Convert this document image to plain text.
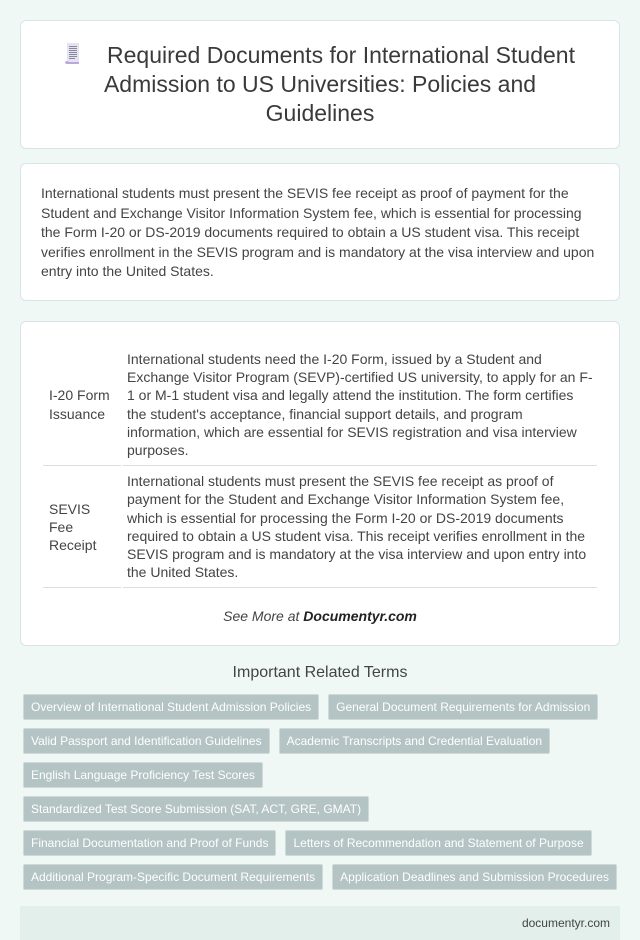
Required Documents for International Student Admission to US Universities: Policies and Guidelines

International students must present the SEVIS fee receipt as proof of payment for the Student and Exchange Visitor Information System fee, which is essential for processing the Form I-20 or DS-2019 documents required to obtain a US student visa. This receipt verifies enrollment in the SEVIS program and is mandatory at the visa interview and upon entry into the United States.

I-20 Form Issuance	International students need the I-20 Form, issued by a Student and Exchange Visitor Program (SEVP)-certified US university, to apply for an F-1 or M-1 student visa and legally attend the institution. The form certifies the student's acceptance, financial support details, and program information, which are essential for SEVIS registration and visa interview purposes.
SEVIS Fee Receipt	International students must present the SEVIS fee receipt as proof of payment for the Student and Exchange Visitor Information System fee, which is essential for processing the Form I-20 or DS-2019 documents required to obtain a US student visa. This receipt verifies enrollment in the SEVIS program and is mandatory at the visa interview and upon entry into the United States.
See More at Documentyr.com
Important Related Terms
Overview of International Student Admission Policies	General Document Requirements for Admission
Valid Passport and Identification Guidelines	Academic Transcripts and Credential Evaluation
English Language Proficiency Test Scores
Standardized Test Score Submission (SAT, ACT, GRE, GMAT)
Financial Documentation and Proof of Funds	Letters of Recommendation and Statement of Purpose
Additional Program-Specific Document Requirements	Application Deadlines and Submission Procedures
documentyr.com
